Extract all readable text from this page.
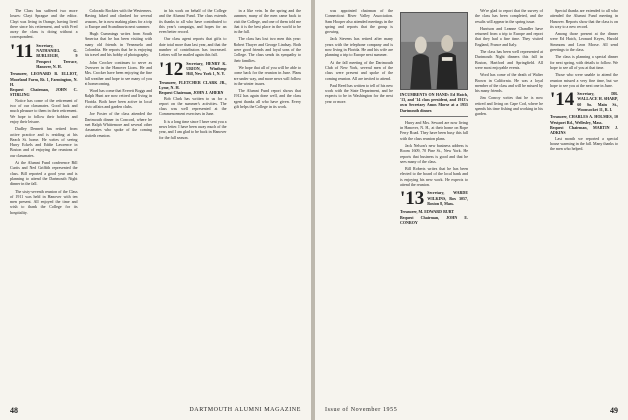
The Class has suffered two more losses: Clayt Sprague and the editor. Clayt was living in Orange, having lived there since his retirement, and with Fred away the class is doing without a correspondent.

'11 Secretary, NATHANIEL G. BURLEIGH, 9 Prospect Terrace, Hanover, N. H.
Treasurer, LEONARD B. ELLIOT, Moorland Farm, Rt. 1, Farmington, N. H.
Bequest Chairman, JOHN C. STIRLING

Notice has come of the retirement of two of our classmates. Good luck and much pleasure to them in their retirement. We hope to follow their hobbies and enjoy their leisure.

Dudley Dennett has retired from active practice and is residing at his Beach St. home. He writes of seeing Harry Eckels and Eddie Lawrence in Boston and of enjoying the reunions of our classmates.

At the Alumni Fund conference Bill Curtis and Ned Griffith represented the class. Bill reported a good year and is planning to attend the Dartmouth Night dinner in the fall.

The sixty-seventh reunion of the Class of 1911 was held in Hanover with ten men present. All enjoyed the time and wish to thank the College for its hospitality.

Colorado Rockies with the Westerners. Having hiked and climbed for several seasons, he is now making plans for a trip to Europe and Scandinavia next summer.

Hugh Cummings writes from South America that he has been visiting with many old friends in Venezuela and Colombia. He reports that he is enjoying his travel and his hobby of photography.

John Crocker continues to serve as Overseer in the Hanover Lions. He and Mrs. Crocker have been enjoying the fine fall weather and hope to see many of you at homecoming.

Word has come that Everett Boggs and Ralph Hunt are now retired and living in Florida. Both have been active in local civic affairs and garden clubs.

Joe Foster of the class attended the Dartmouth dinner in Concord, where he met Ralph Whittemore and several other classmates who spoke of the coming sixtieth reunion.

in his work on behalf of the College and the Alumni Fund. The class extends its thanks to all who have contributed to this year's campaign, and hopes for an even better record.

Our class agent reports that gifts to date total more than last year, and that the number of contributors has increased. Letters will be mailed again this fall.

'12 Secretary, HENRY K. URION, Winthrop Hill, New York 1, N. Y.
Treasurer, FLETCHER CLARK JR., Lyme, N. H.
Bequest Chairman, JOHN J. AHERN

Bob Clark has written to us for a report on the summer's activities. The class was well represented at the Commencement exercises in June.

It is a long time since I have sent you a news letter. I have been away much of the year, and I am glad to be back in Hanover for the fall season.

in a like vein. In the spring and the summer, many of the men came back to visit the College, and one of them told me that it is the best place in the world to be in the fall.

The class has lost two men this year: Robert Thayer and George Lindsay. Both were good friends and loyal sons of the College. The class sends its sympathy to their families.

We hope that all of you will be able to come back for the reunion in June. Plans are under way, and more news will follow in the winter issues.

The Alumni Fund report shows that 1912 has again done well, and the class agent thanks all who have given. Every gift helps the College in its work.

48	DARTMOUTH ALUMNI MAGAZINE

was appointed chairman of the Connecticut River Valley Association. Sam Hooper also attended meetings in the spring and reports that the group is growing.

Jack Stevens has retired after many years with the telephone company and is now living in Florida. He and his wife are planning a trip to Europe next summer.

At the fall meeting of the Dartmouth Club of New York, several men of the class were present and spoke of the coming reunion. All are invited to attend.

Paul Reed has written to tell of his new work with the State Department, and he expects to be in Washington for the next year or more.

INCUMBENTS ON HAND: Ed Hatch, '13, and '14 class president, and 1913's own Secretary Amos Morse at a 1955 Dartmouth dinner.

Harry and Mrs. Seward are now living in Hanover, N. H., at their home on Rope Ferry Road. They have been busy this fall with the class reunion plans.

Jack Nelson's new business address is Room 1609, 70 Pine St., New York. He reports that business is good and that he sees many of the class.

Bill Roberts writes that he has been elected to the board of the local bank and is enjoying his new work. He expects to attend the reunion.

'13 Secretary, WARDE WILKINS, Box 3057, Boston 8, Mass.
Treasurer, M. EDWARD BURT
Bequest Chairman, JOHN E. CONROY

We're glad to report that the survey of the class has been completed, and the results will appear in the spring issue.

Harrison and Leanne Chandler have returned from a trip to Europe and report that they had a fine time. They visited England, France and Italy.

The class has been well represented at Dartmouth Night dinners this fall in Boston, Hartford and Springfield. All were most enjoyable events.

Word has come of the death of Walter Brown in California. He was a loyal member of the class and will be missed by his many friends.

Jim Conroy writes that he is now retired and living on Cape Cod, where he spends his time fishing and working in his garden.

Special thanks are extended to all who attended the Alumni Fund meeting in Hanover. Reports show that the class is on its way to a new record.

Among those present at the dinner were Ed Hatch, Leonard Keyes, Harold Simmons and Leon Morse. All send greetings to the class.

The class is planning a special dinner for next spring, with details to follow. We hope to see all of you at that time.

Those who were unable to attend the reunion missed a very fine time, but we hope to see you at the next one in June.

'14 Secretary, DR. WALLACE H. SHARP, 60 So. Main St., Woonsocket 11, R. I.
Treasurer, CHARLES A. HOLMES, 10 Westport Rd., Wellesley, Mass.
Bequest Chairman, MARTIN J. ADKINS

Last month we reported a special house warming in the fall. Many thanks to the men who helped.

Issue of November 1955	49
